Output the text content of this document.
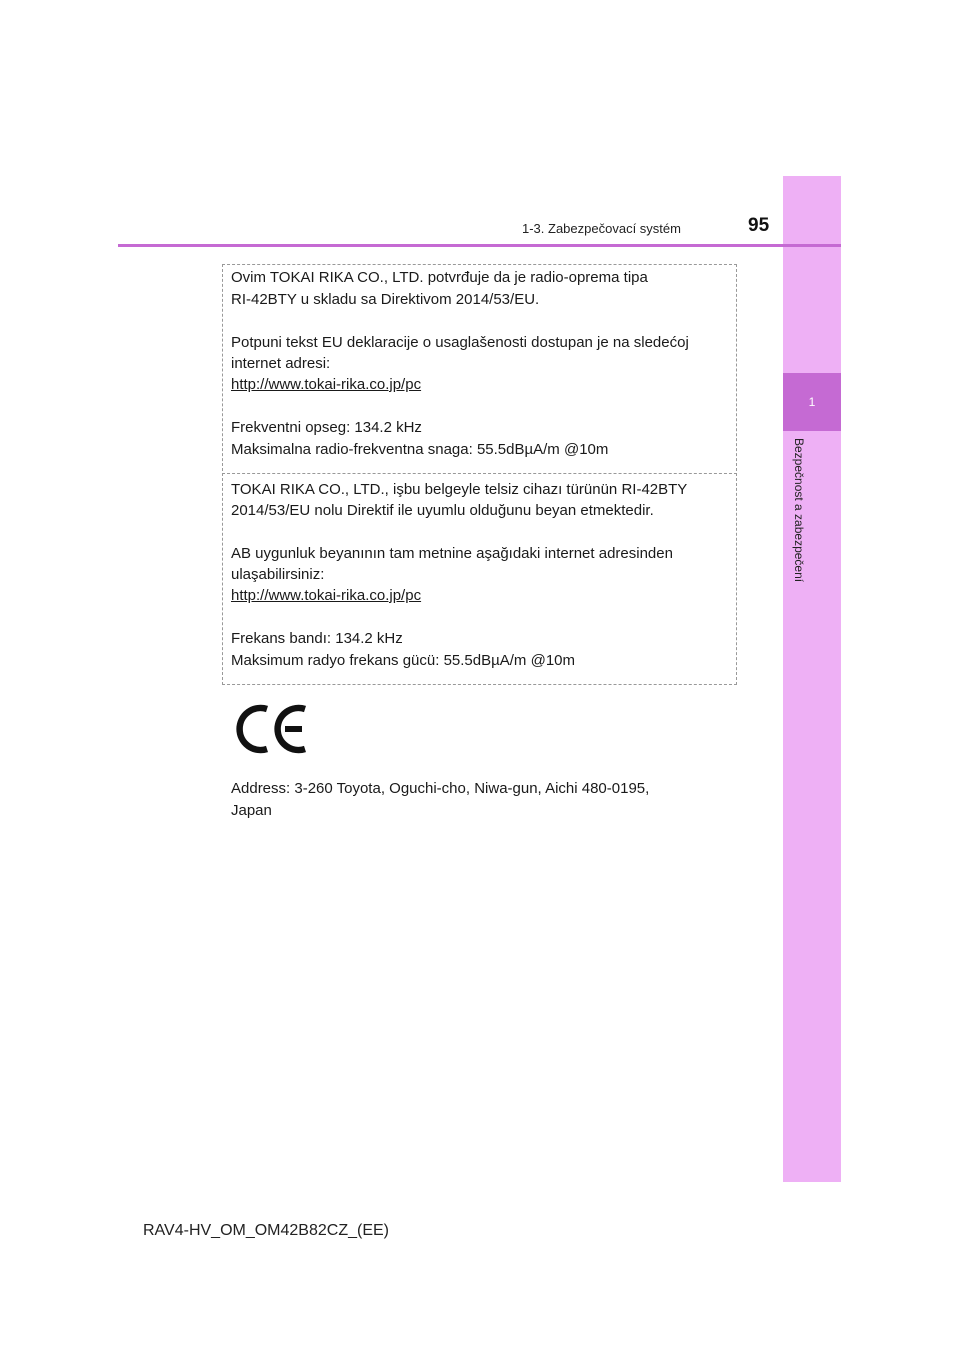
1
Bezpečnost a zabezpečení
1-3. Zabezpečovací systém	95

Ovim TOKAI RIKA CO., LTD. potvrđuje da je radio-oprema tipa

RI-42BTY u skladu sa Direktivom 2014/53/EU.

Potpuni tekst EU deklaracije o usaglašenosti dostupan je na sledećoj

internet adresi:

http://www.tokai-rika.co.jp/pc

Frekventni opseg: 134.2 kHz

Maksimalna radio-frekventna snaga: 55.5dBµA/m @10m

TOKAI RIKA CO., LTD., işbu belgeyle telsiz cihazı türünün RI-42BTY

2014/53/EU nolu Direktif ile uyumlu olduğunu beyan etmektedir.

AB uygunluk beyanının tam metnine aşağıdaki internet adresinden

ulaşabilirsiniz:

http://www.tokai-rika.co.jp/pc

Frekans bandı: 134.2 kHz

Maksimum radyo frekans gücü: 55.5dBµA/m @10m

Address: 3-260 Toyota, Oguchi-cho, Niwa-gun, Aichi 480-0195,

Japan

RAV4-HV_OM_OM42B82CZ_(EE)
